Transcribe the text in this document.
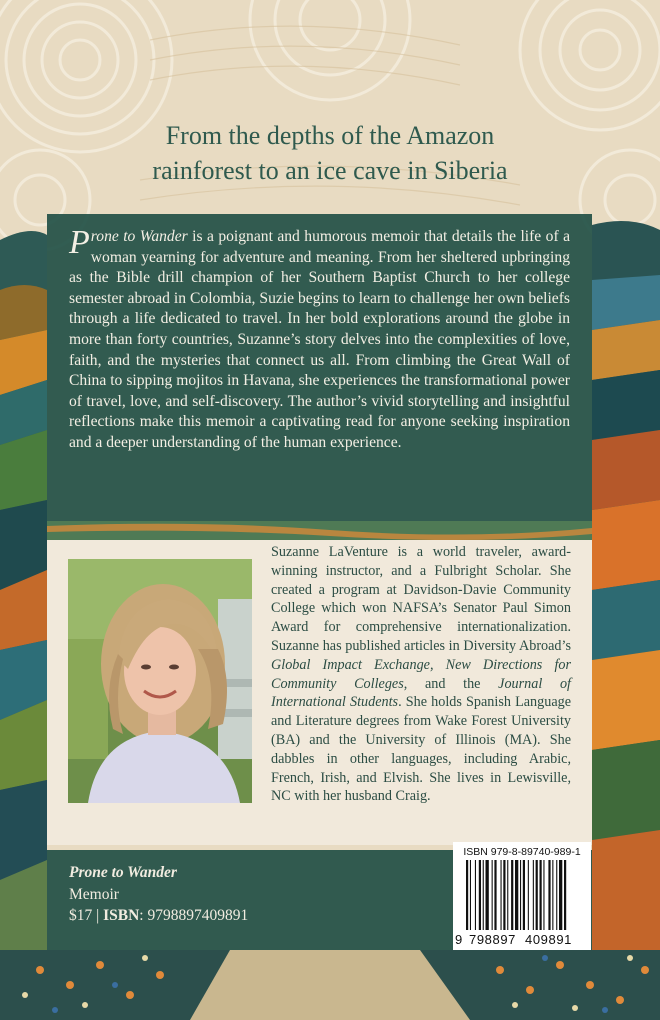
From the depths of the Amazon
rainforest to an ice cave in Siberia
Prone to Wander is a poignant and humorous memoir that details the life of a woman yearning for adventure and meaning. From her sheltered upbringing as the Bible drill champion of her Southern Baptist Church to her college semester abroad in Colombia, Suzie begins to learn to challenge her own beliefs through a life dedicated to travel. In her bold explorations around the globe in more than forty countries, Suzanne’s story delves into the complexities of love, faith, and the mysteries that connect us all. From climbing the Great Wall of China to sipping mojitos in Havana, she experiences the transformational power of travel, love, and self-discovery. The author’s vivid storytelling and insightful reflections make this memoir a captivating read for anyone seeking inspiration and a deeper understanding of the human experience.
Suzanne LaVenture is a world traveler, award-winning instructor, and a Fulbright Scholar. She created a program at Davidson-Davie Community College which won NAFSA’s Senator Paul Simon Award for comprehensive internationalization. Suzanne has published articles in Diversity Abroad’s Global Impact Exchange, New Directions for Community Colleges, and the Journal of International Students. She holds Spanish Language and Literature degrees from Wake Forest University (BA) and the University of Illinois (MA). She dabbles in other languages, including Arabic, French, Irish, and Elvish. She lives in Lewisville, NC with her husband Craig.
Prone to Wander
Memoir
$17 | ISBN: 9798897409891
ISBN 979-8-89740-989-1
9 798897 409891
